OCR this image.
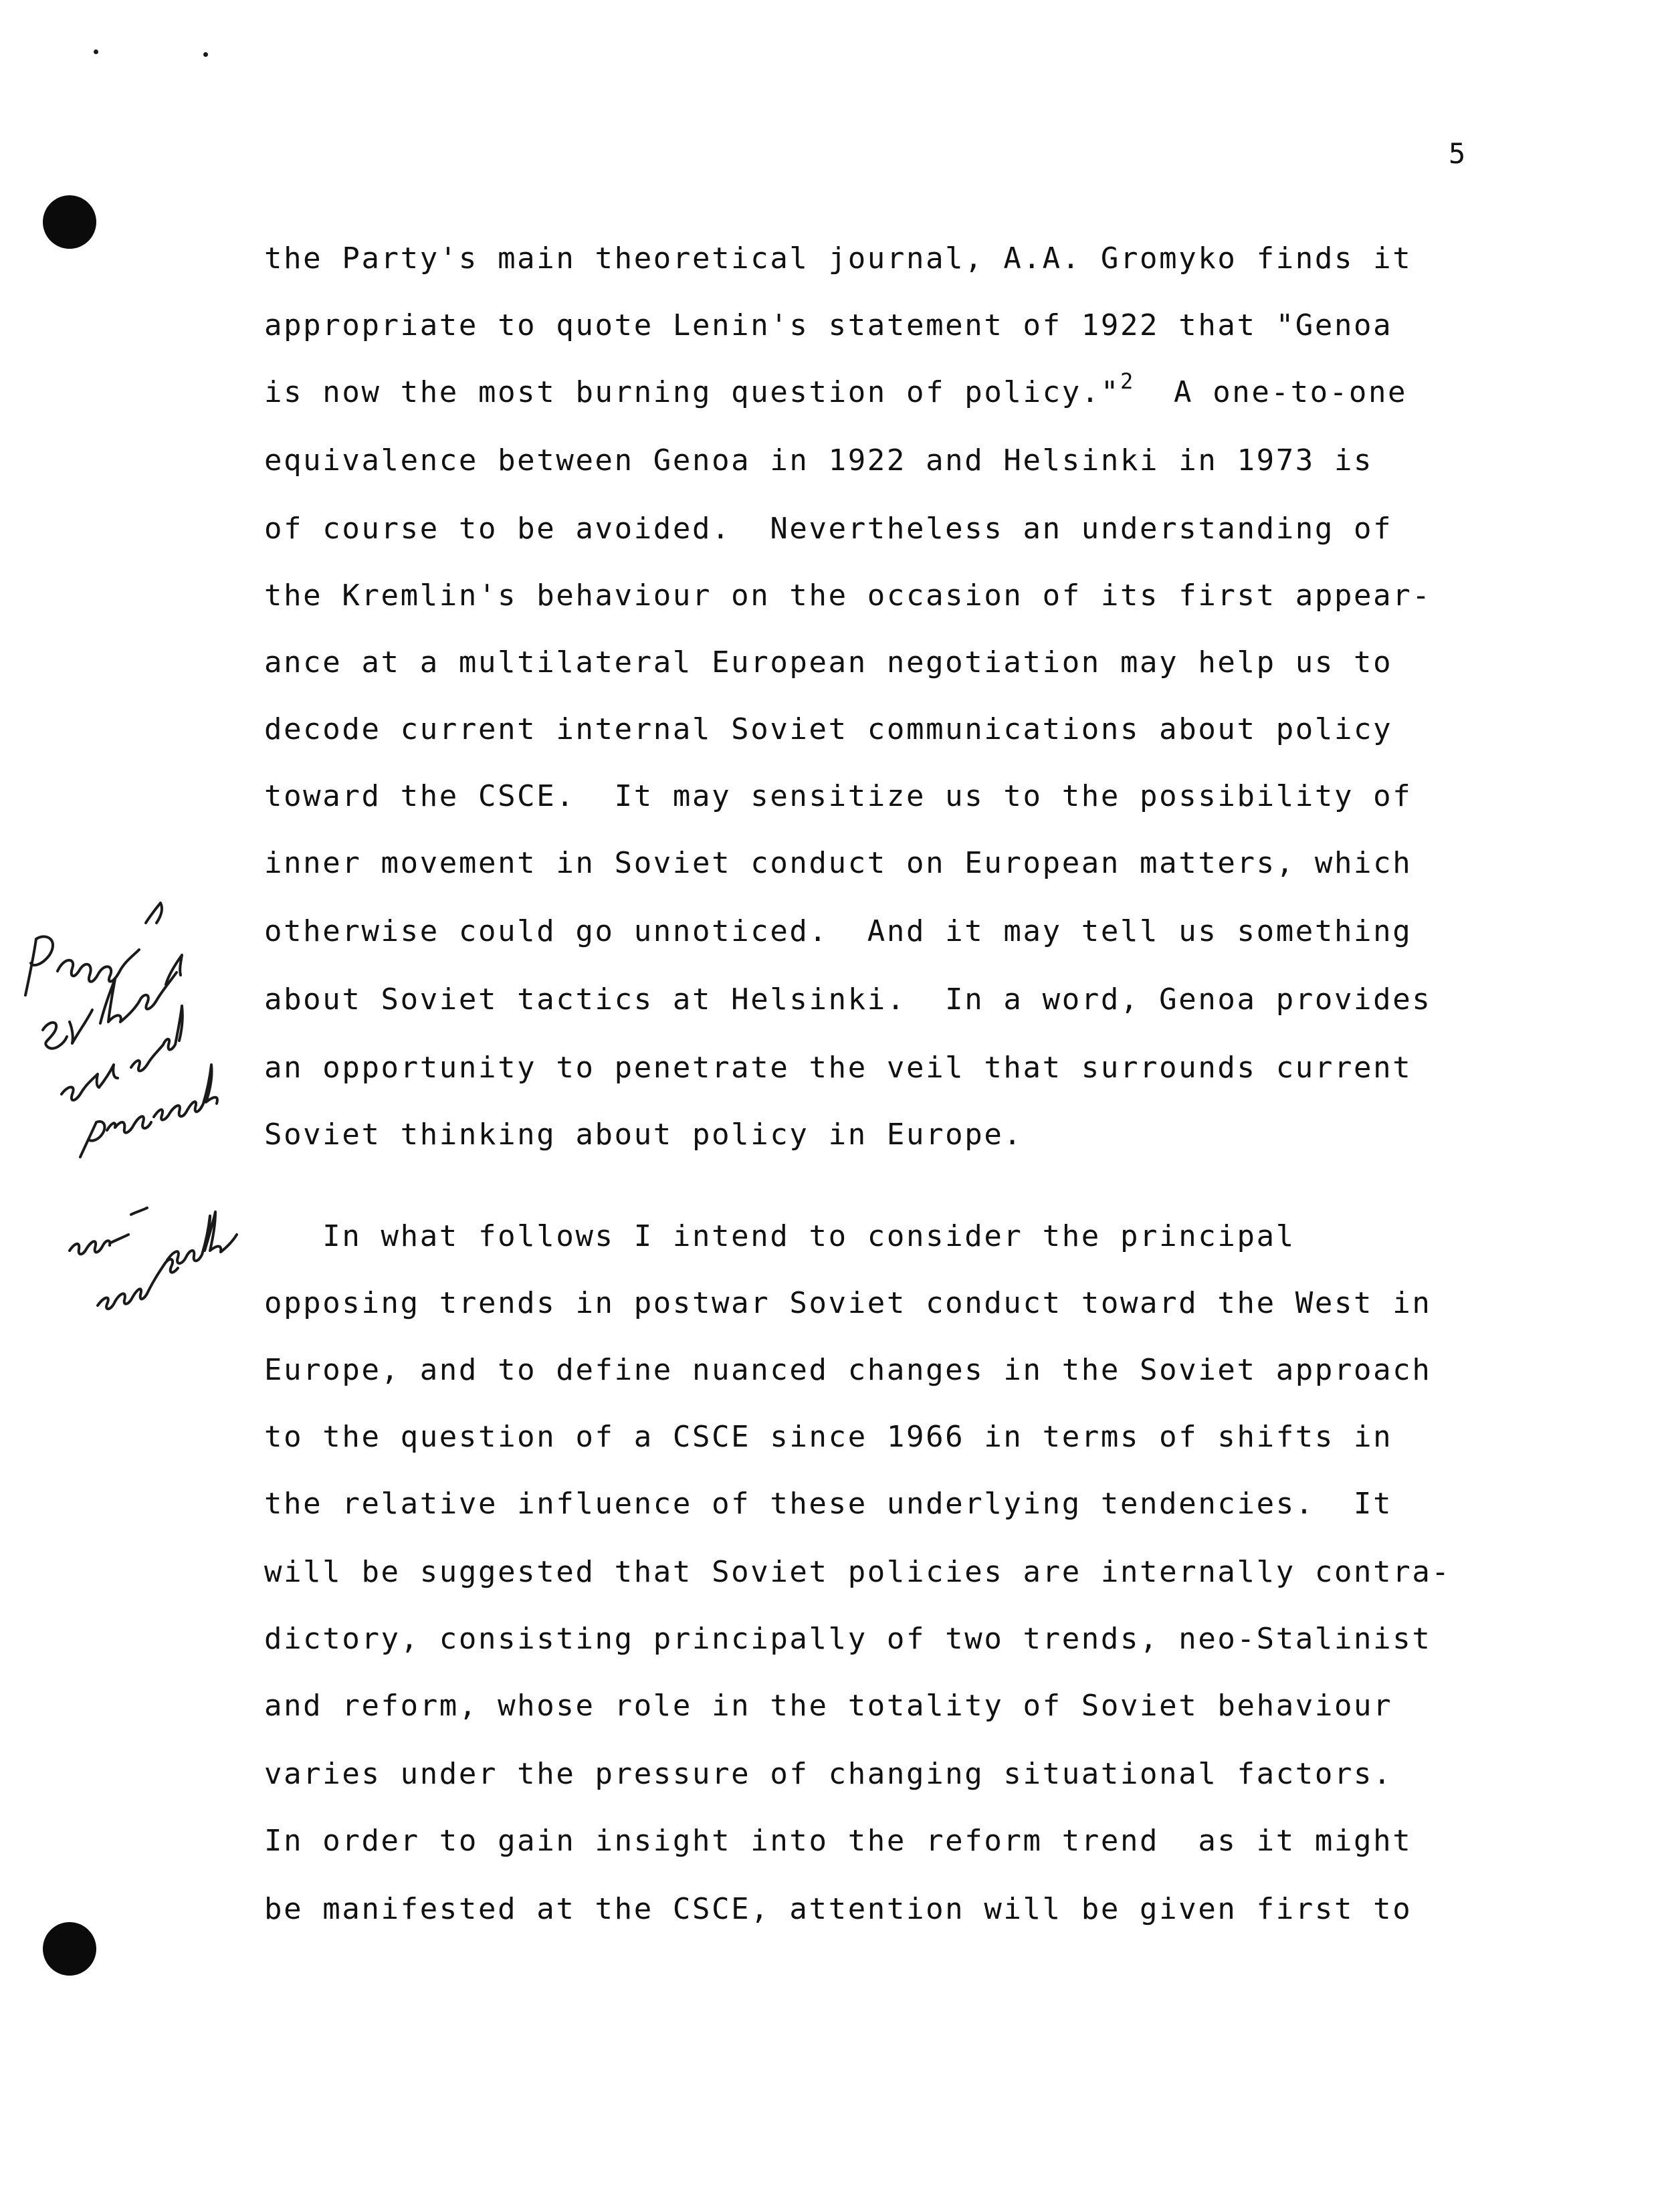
5
the Party's main theoretical journal, A.A. Gromyko finds it
appropriate to quote Lenin's statement of 1922 that "Genoa
is now the most burning question of policy."$^2$  A one-to-one
equivalence between Genoa in 1922 and Helsinki in 1973 is
of course to be avoided.  Nevertheless an understanding of
the Kremlin's behaviour on the occasion of its first appear-
ance at a multilateral European negotiation may help us to
decode current internal Soviet communications about policy
toward the CSCE.  It may sensitize us to the possibility of
inner movement in Soviet conduct on European matters, which
otherwise could go unnoticed.  And it may tell us something
about Soviet tactics at Helsinki.  In a word, Genoa provides
an opportunity to penetrate the veil that surrounds current
Soviet thinking about policy in Europe.
In what follows I intend to consider the principal
opposing trends in postwar Soviet conduct toward the West in
Europe, and to define nuanced changes in the Soviet approach
to the question of a CSCE since 1966 in terms of shifts in
the relative influence of these underlying tendencies.  It
will be suggested that Soviet policies are internally contra-
dictory, consisting principally of two trends, neo-Stalinist
and reform, whose role in the totality of Soviet behaviour
varies under the pressure of changing situational factors.
In order to gain insight into the reform trend  as it might
be manifested at the CSCE, attention will be given first to
